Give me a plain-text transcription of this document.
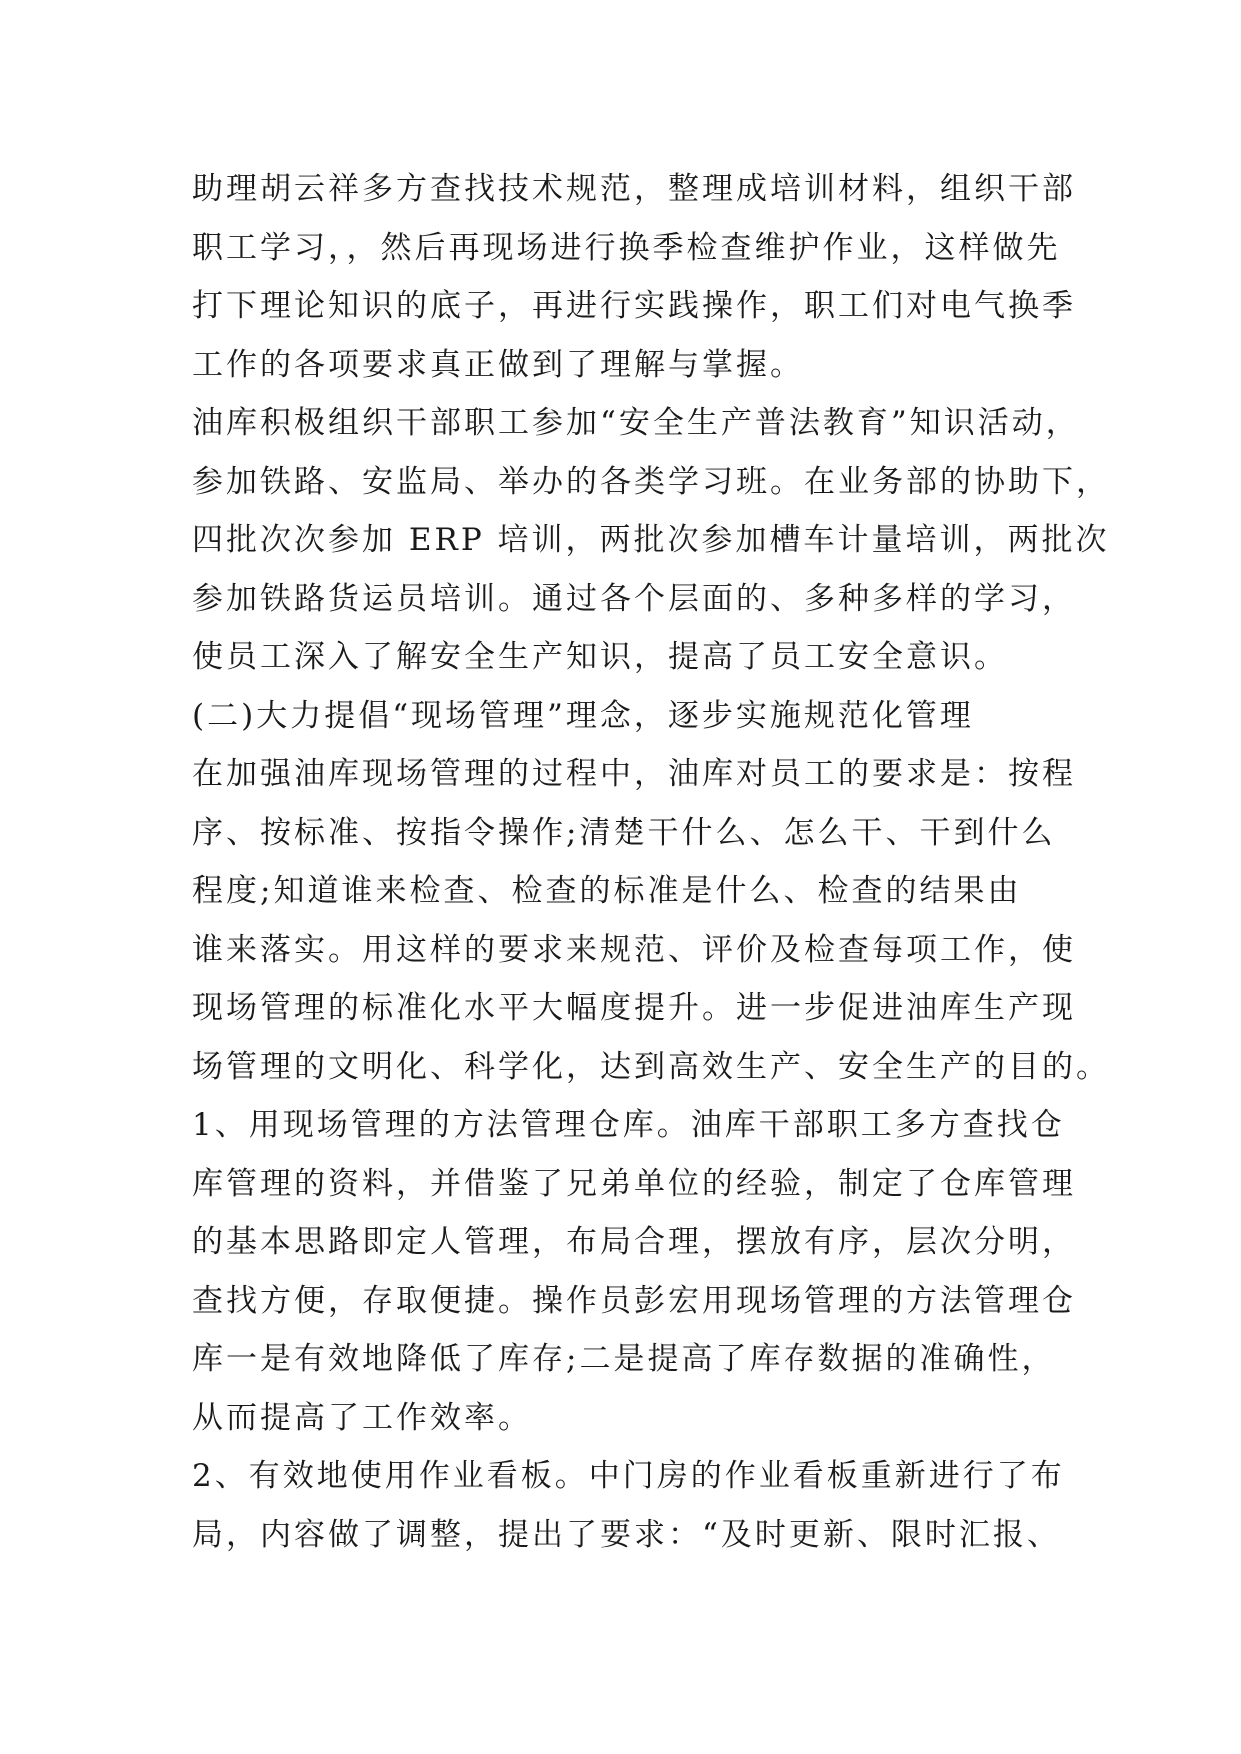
助理胡云祥多方查找技术规范，整理成培训材料，组织干部
职工学习，，然后再现场进行换季检查维护作业，这样做先
打下理论知识的底子，再进行实践操作，职工们对电气换季
工作的各项要求真正做到了理解与掌握。
油库积极组织干部职工参加“安全生产普法教育”知识活动，
参加铁路、安监局、举办的各类学习班。在业务部的协助下，
四批次次参加 ERP 培训，两批次参加槽车计量培训，两批次
参加铁路货运员培训。通过各个层面的、多种多样的学习，
使员工深入了解安全生产知识，提高了员工安全意识。
(二)大力提倡“现场管理”理念，逐步实施规范化管理
在加强油库现场管理的过程中，油库对员工的要求是：按程
序、按标准、按指令操作;清楚干什么、怎么干、干到什么
程度;知道谁来检查、检查的标准是什么、检查的结果由
谁来落实。用这样的要求来规范、评价及检查每项工作，使
现场管理的标准化水平大幅度提升。进一步促进油库生产现
场管理的文明化、科学化，达到高效生产、安全生产的目的。
1、用现场管理的方法管理仓库。油库干部职工多方查找仓
库管理的资料，并借鉴了兄弟单位的经验，制定了仓库管理
的基本思路即定人管理，布局合理，摆放有序，层次分明，
查找方便，存取便捷。操作员彭宏用现场管理的方法管理仓
库一是有效地降低了库存;二是提高了库存数据的准确性，
从而提高了工作效率。
2、有效地使用作业看板。中门房的作业看板重新进行了布
局，内容做了调整，提出了要求：“及时更新、限时汇报、
